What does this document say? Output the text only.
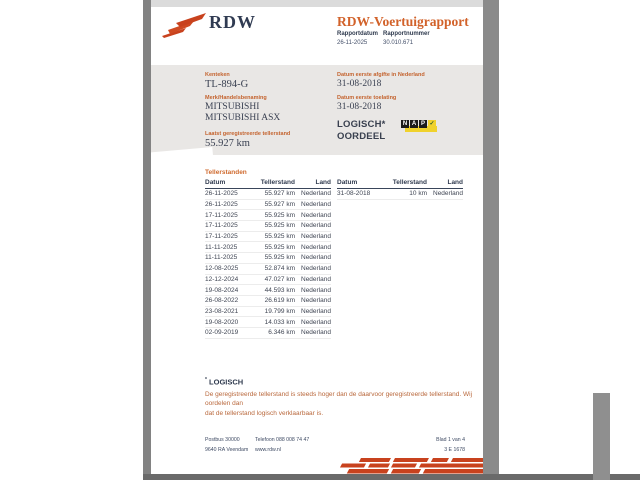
RDW	RDW-Voertuigrapport
Rapportdatum
26-11-2025
Rapportnummer
30.010.671
Kenteken
TL-894-G
Merk/Handelsbenaming
MITSUBISHI
MITSUBISHI ASX
Laatst geregistreerde tellerstand
55.927 km
Datum eerste afgifte in Nederland
31-08-2018
Datum eerste toelating
31-08-2018
LOGISCH*
OORDEEL
N A P ✓
Tellerstanden
Datum	Tellerstand	Land
26-11-2025	55.927 km Nederland
26-11-2025	55.927 km Nederland
17-11-2025	55.925 km Nederland
17-11-2025	55.925 km Nederland
17-11-2025	55.925 km Nederland
11-11-2025	55.925 km Nederland
11-11-2025	55.925 km Nederland
12-08-2025	52.874 km Nederland
12-12-2024	47.027 km Nederland
19-08-2024	44.593 km Nederland
26-08-2022	26.619 km Nederland
23-08-2021	19.799 km Nederland
19-08-2020	14.033 km Nederland
02-09-2019	6.346 km Nederland
Datum	Tellerstand	Land
31-08-2018	10 km Nederland
* LOGISCH
De geregistreerde tellerstand is steeds hoger dan de daarvoor geregistreerde tellerstand. Wij oordelen dan
dat de tellerstand logisch verklaarbaar is.
Postbus 30000
9640 RA Veendam
Telefoon 088 008 74 47
www.rdw.nl
Blad 1 van 4
3 E 1678
